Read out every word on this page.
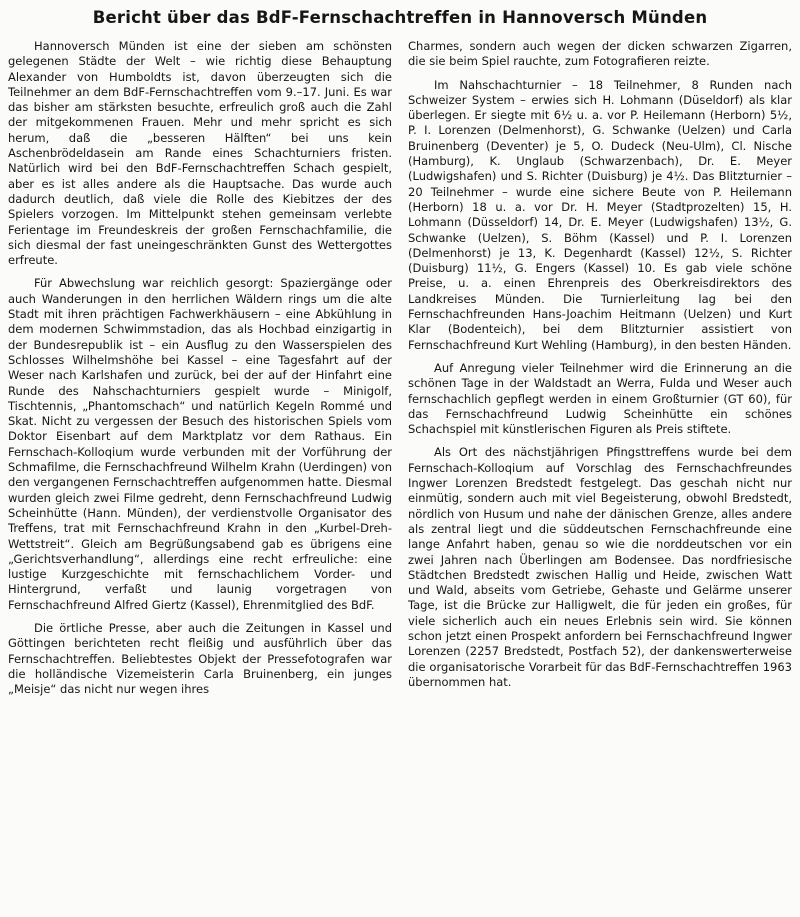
Bericht über das BdF-Fernschachtreffen in Hannoversch Münden

Hannoversch Münden ist eine der sieben am schönsten gelegenen Städte der Welt – wie richtig diese Behauptung Alexander von Humboldts ist, davon überzeugten sich die Teilnehmer an dem BdF-Fernschachtreffen vom 9.–17. Juni. Es war das bisher am stärksten besuchte, erfreulich groß auch die Zahl der mitgekommenen Frauen. Mehr und mehr spricht es sich herum, daß die „besseren Hälften“ bei uns kein Aschenbrödeldasein am Rande eines Schachturniers fristen. Natürlich wird bei den BdF-Fernschachtreffen Schach gespielt, aber es ist alles andere als die Hauptsache. Das wurde auch dadurch deutlich, daß viele die Rolle des Kiebitzes der des Spielers vorzogen. Im Mittelpunkt stehen gemeinsam verlebte Ferientage im Freundeskreis der großen Fernschachfamilie, die sich diesmal der fast uneingeschränkten Gunst des Wettergottes erfreute.

Für Abwechslung war reichlich gesorgt: Spaziergänge oder auch Wanderungen in den herrlichen Wäldern rings um die alte Stadt mit ihren prächtigen Fachwerkhäusern – eine Abkühlung in dem modernen Schwimmstadion, das als Hochbad einzigartig in der Bundesrepublik ist – ein Ausflug zu den Wasserspielen des Schlosses Wilhelmshöhe bei Kassel – eine Tagesfahrt auf der Weser nach Karlshafen und zurück, bei der auf der Hinfahrt eine Runde des Nahschachturniers gespielt wurde – Minigolf, Tischtennis, „Phantomschach“ und natürlich Kegeln Rommé und Skat. Nicht zu vergessen der Besuch des historischen Spiels vom Doktor Eisenbart auf dem Marktplatz vor dem Rathaus. Ein Fernschach-Kolloqium wurde verbunden mit der Vorführung der Schmafilme, die Fernschachfreund Wilhelm Krahn (Uerdingen) von den vergangenen Fernschachtreffen aufgenommen hatte. Diesmal wurden gleich zwei Filme gedreht, denn Fernschachfreund Ludwig Scheinhütte (Hann. Münden), der verdienstvolle Organisator des Treffens, trat mit Fernschachfreund Krahn in den „Kurbel-Dreh-Wettstreit“. Gleich am Begrüßungsabend gab es übrigens eine „Gerichtsverhandlung“, allerdings eine recht erfreuliche: eine lustige Kurzgeschichte mit fernschachlichem Vorder- und Hintergrund, verfaßt und launig vorgetragen von Fernschachfreund Alfred Giertz (Kassel), Ehrenmitglied des BdF.

Die örtliche Presse, aber auch die Zeitungen in Kassel und Göttingen berichteten recht fleißig und ausführlich über das Fernschachtreffen. Beliebtestes Objekt der Pressefotografen war die holländische Vizemeisterin Carla Bruinenberg, ein junges „Meisje“ das nicht nur wegen ihres

Charmes, sondern auch wegen der dicken schwarzen Zigarren, die sie beim Spiel rauchte, zum Fotografieren reizte.

Im Nahschachturnier – 18 Teilnehmer, 8 Runden nach Schweizer System – erwies sich H. Lohmann (Düseldorf) als klar überlegen. Er siegte mit 6½ u. a. vor P. Heilemann (Herborn) 5½, P. I. Lorenzen (Delmenhorst), G. Schwanke (Uelzen) und Carla Bruinenberg (Deventer) je 5, O. Dudeck (Neu-Ulm), Cl. Nische (Hamburg), K. Unglaub (Schwarzenbach), Dr. E. Meyer (Ludwigshafen) und S. Richter (Duisburg) je 4½. Das Blitzturnier – 20 Teilnehmer – wurde eine sichere Beute von P. Heilemann (Herborn) 18 u. a. vor Dr. H. Meyer (Stadtprozelten) 15, H. Lohmann (Düsseldorf) 14, Dr. E. Meyer (Ludwigshafen) 13½, G. Schwanke (Uelzen), S. Böhm (Kassel) und P. I. Lorenzen (Delmenhorst) je 13, K. Degenhardt (Kassel) 12½, S. Richter (Duisburg) 11½, G. Engers (Kassel) 10. Es gab viele schöne Preise, u. a. einen Ehrenpreis des Oberkreisdirektors des Landkreises Münden. Die Turnierleitung lag bei den Fernschachfreunden Hans-Joachim Heitmann (Uelzen) und Kurt Klar (Bodenteich), bei dem Blitzturnier assistiert von Fernschachfreund Kurt Wehling (Hamburg), in den besten Händen.

Auf Anregung vieler Teilnehmer wird die Erinnerung an die schönen Tage in der Waldstadt an Werra, Fulda und Weser auch fernschachlich gepflegt werden in einem Großturnier (GT 60), für das Fernschachfreund Ludwig Scheinhütte ein schönes Schachspiel mit künstlerischen Figuren als Preis stiftete.

Als Ort des nächstjährigen Pfingsttreffens wurde bei dem Fernschach-Kolloqium auf Vorschlag des Fernschachfreundes Ingwer Lorenzen Bredstedt festgelegt. Das geschah nicht nur einmütig, sondern auch mit viel Begeisterung, obwohl Bredstedt, nördlich von Husum und nahe der dänischen Grenze, alles andere als zentral liegt und die süddeutschen Fernschachfreunde eine lange Anfahrt haben, genau so wie die norddeutschen vor ein zwei Jahren nach Überlingen am Bodensee. Das nordfriesische Städtchen Bredstedt zwischen Hallig und Heide, zwischen Watt und Wald, abseits vom Getriebe, Gehaste und Gelärme unserer Tage, ist die Brücke zur Halligwelt, die für jeden ein großes, für viele sicherlich auch ein neues Erlebnis sein wird. Sie können schon jetzt einen Prospekt anfordern bei Fernschachfreund Ingwer Lorenzen (2257 Bredstedt, Postfach 52), der dankenswerterweise die organisatorische Vorarbeit für das BdF-Fernschachtreffen 1963 übernommen hat.
